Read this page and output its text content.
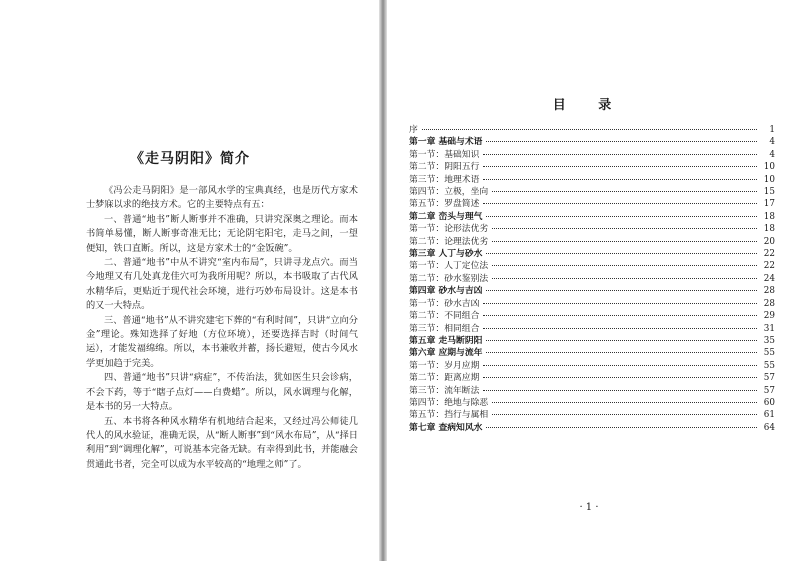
《走马阴阳》简介

《冯公走马阴阳》是一部风水学的宝典真经，也是历代方家术士梦寐以求的绝技方术。它的主要特点有五：

一、普通“地书”断人断事并不准确，只讲究深奥之理论。而本书简单易懂，断人断事奇准无比；无论阴宅阳宅，走马之间，一望便知，铁口直断。所以，这是方家术士的“金饭碗”。

二、普通“地书”中从不讲究“室内布局”，只讲寻龙点穴。而当今地理又有几处真龙佳穴可为我所用呢？所以，本书吸取了古代风水精华后，更贴近于现代社会环境，进行巧妙布局设计。这是本书的又一大特点。

三、普通“地书”从不讲究建宅下葬的“有利时间”，只讲“立向分金”理论。殊知选择了好地（方位环境），还要选择吉时（时间气运），才能发福绵绵。所以，本书兼收并蓄，扬长避短，使古今风水学更加趋于完美。

四、普通“地书”只讲“病症”，不传治法，犹如医生只会诊病，不会下药，等于“瞎子点灯——白费蜡”。所以，风水调理与化解，是本书的另一大特点。

五、本书将各种风水精华有机地结合起来，又经过冯公师徒几代人的风水验证，准确无误，从“断人断事”到“风水布局”，从“择日利用”到“调理化解”，可说基本完备无缺。有幸得到此书，并能融会贯通此书者，完全可以成为水平较高的“地理之师”了。

目 录
序	1
第一章 基础与术语	4
第一节：基础知识	4
第二节：阴阳五行	10
第三节：地理术语	10
第四节：立极，坐向	15
第五节：罗盘简述	17
第二章 峦头与理气	18
第一节：论形法优劣	18
第二节：论理法优劣	20
第三章 人丁与砂水	22
第一节：人丁定位法	22
第二节：砂水鉴别法	24
第四章 砂水与吉凶	28
第一节：砂水吉凶	28
第二节：不同组合	29
第三节：相同组合	31
第五章 走马断阴阳	35
第六章 应期与流年	55
第一节：岁月应期	55
第二节：距离应期	57
第三节：流年断法	57
第四节：绝地与除恶	60
第五节：挡行与属相	61
第七章 查病知风水	64
· 1 ·
